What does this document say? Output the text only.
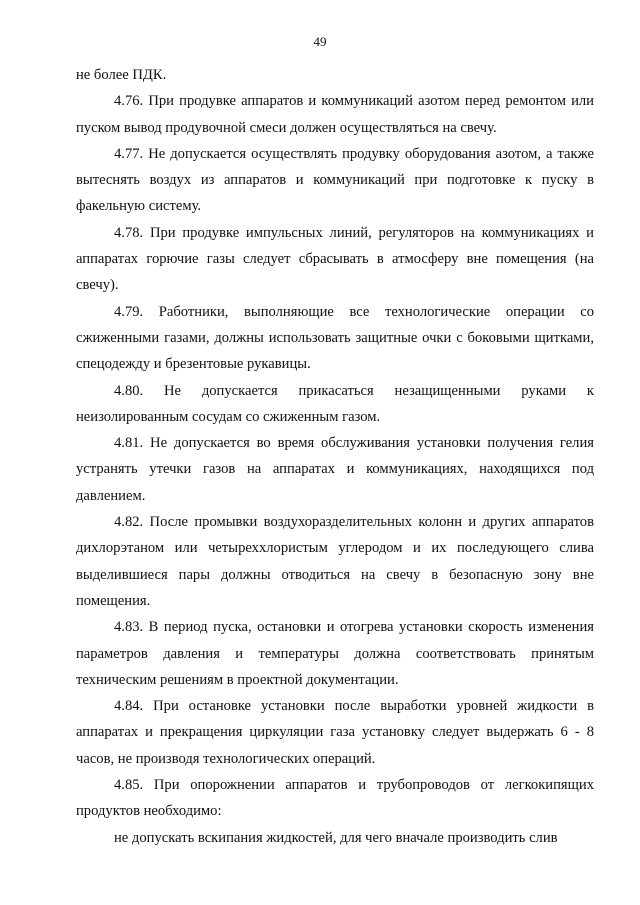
49

не более ПДК.

4.76. При продувке аппаратов и коммуникаций азотом перед ремонтом или пуском вывод продувочной смеси должен осуществляться на свечу.

4.77. Не допускается осуществлять продувку оборудования азотом, а также вытеснять воздух из аппаратов и коммуникаций при подготовке к пуску в факельную систему.

4.78. При продувке импульсных линий, регуляторов на коммуникациях и аппаратах горючие газы следует сбрасывать в атмосферу вне помещения (на свечу).

4.79. Работники, выполняющие все технологические операции со сжиженными газами, должны использовать защитные очки с боковыми щитками, спецодежду и брезентовые рукавицы.

4.80. Не допускается прикасаться незащищенными руками к неизолированным сосудам со сжиженным газом.

4.81. Не допускается во время обслуживания установки получения гелия устранять утечки газов на аппаратах и коммуникациях, находящихся под давлением.

4.82. После промывки воздухоразделительных колонн и других аппаратов дихлорэтаном или четыреххлористым углеродом и их последующего слива выделившиеся пары должны отводиться на свечу в безопасную зону вне помещения.

4.83. В период пуска, остановки и отогрева установки скорость изменения параметров давления и температуры должна соответствовать принятым техническим решениям в проектной документации.

4.84. При остановке установки после выработки уровней жидкости в аппаратах и прекращения циркуляции газа установку следует выдержать 6 - 8 часов, не производя технологических операций.

4.85. При опорожнении аппаратов и трубопроводов от легкокипящих продуктов необходимо:

не допускать вскипания жидкостей, для чего вначале производить слив
